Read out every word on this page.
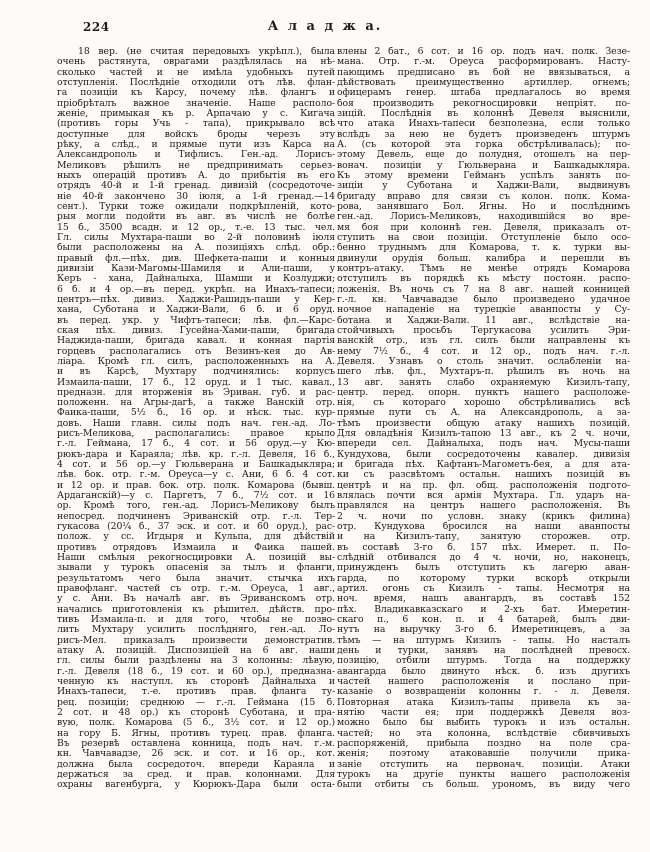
224	А л а д ж а.
18 вер. (не считая передовыхъ укрѣпл.), была
очень растянута, оврагами раздѣлялась на нѣ-
сколько частей и не имѣла удобныхъ путей
отступленія. Послѣдніе отходили отъ лѣв. флан-
га позиціи къ Карсу, почему лѣв. флангъ и
пріобрѣталъ важное значеніе. Наше располо-
женіе, примыкая къ р. Арпачаю у с. Кигача
(противъ горы Учь - тапа), прикрывало всѣ
доступные для войскъ броды черезъ эту
рѣку, а слѣд., и прямые пути изъ Карса на
Александрополь и Тифлисъ. Ген.-ад. Лорисъ-
Меликовъ рѣшилъ не предпринимать серьез-
ныхъ операцій противъ А. до прибытія въ его
отрядъ 40-й и 1-й гренад. дивизій (сосредоточе-
ніе 40-й закончено 30 іюля, а 1-й гренад.—14
сент.). Турки тоже ожидали подкрѣпленій, кото-
рыя могли подойти въ авг. въ числѣ не болѣе
15 б., 3500 всадн. и 12 ор., т.-е. 13 тыс. чел.
Гл. силы Мухтара-паши во 2-й половинѣ іюля
были расположены на А. позиціяхъ слѣд. обр.:
правый фл.—пѣх. див. Шефкета-паши и конныя
дивизіи Кази-Магомы-Шамиля и Али-паши, у
Керъ - хана, Дайналыха, Шамши и Козлуджи;
6 б. и 4 ор.—въ перед. укрѣп. на Инахъ-тапеси;
центръ—пѣх. дивиз. Хаджи-Рашидъ-паши у Кер-
хана, Суботана и Хаджи-Вали, 6 б. и 6 оруд.
въ перед. укр. у Чифтъ-тапеси; лѣв. фл.—Карс-
ская пѣх. дивиз. Гусейна-Хами-паши, бригада
Наджида-паши, бригада кавал. и конная партія
горцевъ располагались отъ Везинъ-кея до Ав-
ліара. Кромѣ гл. силъ, расположенныхъ на А.
и въ Карсѣ, Мухтару подчинялись: корпусъ
Измаила-паши, 17 б., 12 оруд. и 1 тыс. кавал.,
предназн. для вторженія въ Эриван. губ. и рас-
положенн. на Агры-дагѣ, а также Ванскій отр.
Фаика-паши, 5½ б., 16 ор. и нѣск. тыс. кур-
довъ. Наши главн. силы подъ нач. ген.-ад. Ло-
рисъ-Меликова, располагались: правое крыло
г.-л. Геймана, 17 б., 4 сот. и 56 оруд.—у Кю-
рюкъ-дара и Караяла; лѣв. кр. г.-л. Девеля, 16 б.,
4 сот. и 56 ор.—у Гюльверана и Башкадыкляра;
лѣв. бок. отр. г.-м. Ореуса—у с. Ани, 6 б. 4 сот.
и 12 ор. и прав. бок. отр. полк. Комарова (бывш.
Ардаганскій)—у с. Паргетъ, 7 б., 7½ сот. и 16
ор. Кромѣ того, ген.-ад. Лорисъ-Меликову былъ
непосред. подчиненъ Эриванскій отр. г.-л. Тер-
гукасова (20¼ б., 37 эск. и сот. и 60 оруд.), рас-
полож. у сс. Игдыря и Кульпа, для дѣйствій
противъ отрядовъ Измаила и Фаика пашей.
Наши смѣлыя рекогносцировки А. позицій вы-
зывали у турокъ опасенія за тылъ и фланги,
результатомъ чего была значит. стычка ихъ
правофланг. частей съ отр. г.-м. Ореуса, 1 авг.,
у с. Ани. Въ началѣ авг. въ Эриванскомъ отр.
начались приготовленія къ рѣшител. дѣйств. про-
тивъ Измаила-п. и для того, чтобы не позво-
лить Мухтару усилить послѣдняго, ген.-ад. Ло-
рисъ-Мел. приказалъ произвести демонстратив.
атаку А. позицій. Диспозиціей на 6 авг. наши
гл. силы были раздѣлены на 3 колонны: лѣвую,
г.-л. Девеля (18 б., 19 сот. и 60 ор.), предназна-
ченную къ наступл. къ сторонѣ Дайналыха и
Инахъ-тапеси, т.-е. противъ прав. фланга ту-
рец. позиціи; среднюю — г.-л. Геймана (15 б.
2 сот. и 48 ор.) къ сторонѣ Суботана, и пра-
вую, полк. Комарова (5 б., 3½ сот. и 12 ор.)
на гору Б. Ягны, противъ турец. прав. фланга.
Въ резервѣ оставлена конница, подъ нач. г.-м.
кн. Чавчавадзе, 26 эск. и сот. и 16 ор., кот.
должна была сосредоточ. впереди Караяла и
держаться за сред. и прав. колоннами. Для
охраны вагенбурга, у Кюрюкъ-Дара были оста-
влены 2 бат., 6 сот. и 16 ор. подъ нач. полк. Зезе-
мана. Отр. г.-м. Ореуса расформированъ. Насту-
пающимъ предписано въ бой не ввязываться, а
дѣйствовать преимущественно артиллер. огнемъ;
офицерамъ генер. штаба предлагалось во время
боя производить рекогносцировки непріят. по-
зицій. Послѣднія въ колоннѣ Девеля выяснили,
что атака Инахъ-тапеси безполезна, если только
вслѣдъ за нею не будетъ произведенъ штурмъ
А. (съ которой эта горка обстрѣливалась); по-
этому Девель, еще до полудня, отошелъ на пер-
вонач. позиціи у Гюльверана и Башкадыкляра.
Къ этому времени Гейманъ успѣлъ занять по-
зиціи у Суботана и Хаджи-Вали, выдвинувъ
бригаду вправо для связи съ колон. полк. Кома-
рова, занявшаго Бол. Ягны. Но и послѣднимъ
ген.-ад. Лорисъ-Меликовъ, находившійся во вре-
мя боя при колоннѣ ген. Девеля, приказалъ от-
ступить на свои позиціи. Отступленіе было осо-
бенно труднымъ для Комарова, т. к. турки вы-
двинули орудія больш. калибра и перешли въ
контръ-атаку. Тѣмъ не менѣе отрядъ Комарова
отступилъ въ порядкѣ къ мѣсту постоян. распо-
ложенія. Въ ночь съ 7 на 8 авг. нашей конницей
г.-л. кн. Чавчавадзе было произведено удачное
ночное нападеніе на турецкіе аванпосты у Су-
ботана и Хаджи-Вали. 11 авг., вслѣдствіе на-
стойчивыхъ просьбъ Тергукасова усилить Эри-
ванскій отр., изъ гл. силъ были направлены къ
нему 7½ б., 4 сот. и 12 ор., подъ нач. г.-л.
Девеля. Узнавъ о столь значит. ослабленіи на-
шего лѣв. фл., Мухтаръ-п. рѣшилъ въ ночь на
13 авг. занять слабо охраняемую Кизилъ-тапу,
центр. перед. опорн. пунктъ нашего расположе-
нія, съ котораго хорошо обстрѣливались всѣ
прямые пути съ А. на Александрополь, а за-
тѣмъ произвести общую атаку нашихъ позицій.
Для овладѣнія Кизилъ-тапою 13 авг., къ 2 ч. ночи,
впереди сел. Дайналыха, подъ нач. Мусы-паши
Кундухова, были сосредоточены кавалер. дивизія
и бригада пѣх. Кафтанъ-Магометъ-бея, а для ата-
ки съ разсвѣтомъ остальн. нашихъ позицій въ
центрѣ и на пр. фл. общ. расположенія подгото-
влялась почти вся армія Мухтара. Гл. ударъ на-
правлялся на центръ нашего расположенія. Въ
2 ч. ночи по условн. знаку (крикъ филина)
отр. Кундухова бросился на наши аванпосты
и на Кизилъ-тапу, занятую сторожев. отр.
въ составѣ 3-го б. 157 пѣх. Имерет. п. По-
слѣдній отбивался до 4 ч. ночи, но, наконецъ,
принужденъ былъ отступить къ лагерю аван-
гарда, по которому турки вскорѣ открыли
артил. огонь съ Кизилъ - тапы. Несмотря на
ноч. время, нашъ авангардъ, въ составѣ 152
пѣх. Владикавказскаго и 2-хъ бат. Имеретин-
скаго п., 6 кон. п. и 4 батарей, былъ дви-
нутъ на выручку 3-го б. Имеретинцевъ, а за
тѣмъ — на штурмъ Кизилъ - тапы. Но насталъ
день и турки, занявъ на послѣдней превосх.
позицію, отбили штурмъ. Тогда на поддержку
авангарда было двинуто нѣск. б. изъ другихъ
частей нашего расположенія и послано при-
казаніе о возвращеніи колонны г. - л. Девеля.
Повторная атака Кизилъ-тапы привела къ за-
нятію части ея; при поддержкѣ Девеля воз-
можно было бы выбить турокъ и изъ остальн.
частей; но эта колонна, вслѣдствіе сбивчивыхъ
распоряженій, прибыла поздно на поле сра-
женія; поэтому атаковавшіе получили прика-
заніе отступить на первонач. позиціи. Атаки
турокъ на другіе пункты нашего расположенія
были отбиты съ больш. урономъ, въ виду чего
